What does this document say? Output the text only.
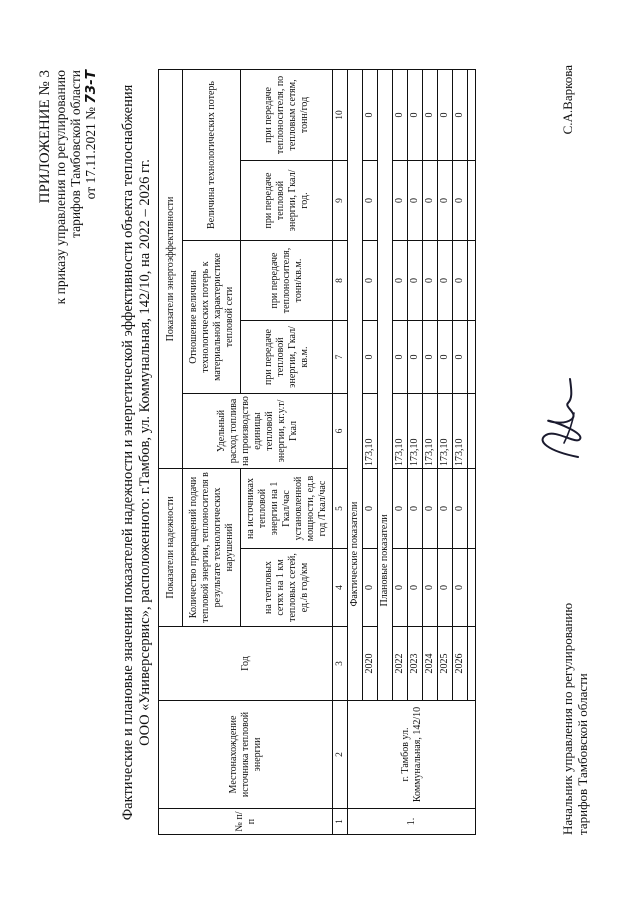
ПРИЛОЖЕНИЕ № 3 к приказу управления по регулированию тарифов Тамбовской области от 17.11.2021 № 73-Т Фактические и плановые значения показателей надежности и энергетической эффективности объекта теплоснабжения ООО «Универсервис», расположенного: г.Тамбов, ул. Коммунальная, 142/10, на 2022 – 2026 гг.
№ п/п	Местонахождение источника тепловой энергии	Год	Показатели надежности		Показатели энергоэффективности				
			Количество прекращений подачи тепловой энергии, теплоносителя в результате технологических нарушений		Удельный расход топлива на производство единицы тепловой энергии, кг.у.т/Гкал	Отношение величины технологических потерь к материальной характеристике тепловой сети		Величина технологических потерь	
			на тепловых сетях на 1 км тепловых сетей, ед./в год/км	на источниках тепловой энергии на 1 Гкал/час установленной мощности, ед.в год /Гкал/час		при передаче тепловой энергии, Гкал/кв.м.	при передаче теплоносителя, тонн/кв.м.	при передаче тепловой энергии, Гкал/год.	при передаче теплоносителя, по тепловым сетям, тонн/год
1	2	3	4	5	6	7	8	9	10
1.	г. Тамбов ул. Коммунальная, 142/10		Фактические показатели						
		2020	0	0	173,10	0	0	0	0
			Плановые показатели						
		2022	0	0	173,10	0	0	0	0
		2023	0	0	173,10	0	0	0	0
		2024	0	0	173,10	0	0	0	0
		2025	0	0	173,10	0	0	0	0
		2026	0	0	173,10	0	0	0	0

Начальник управления по регулированию тарифов Тамбовской области
С.А.Варкова
